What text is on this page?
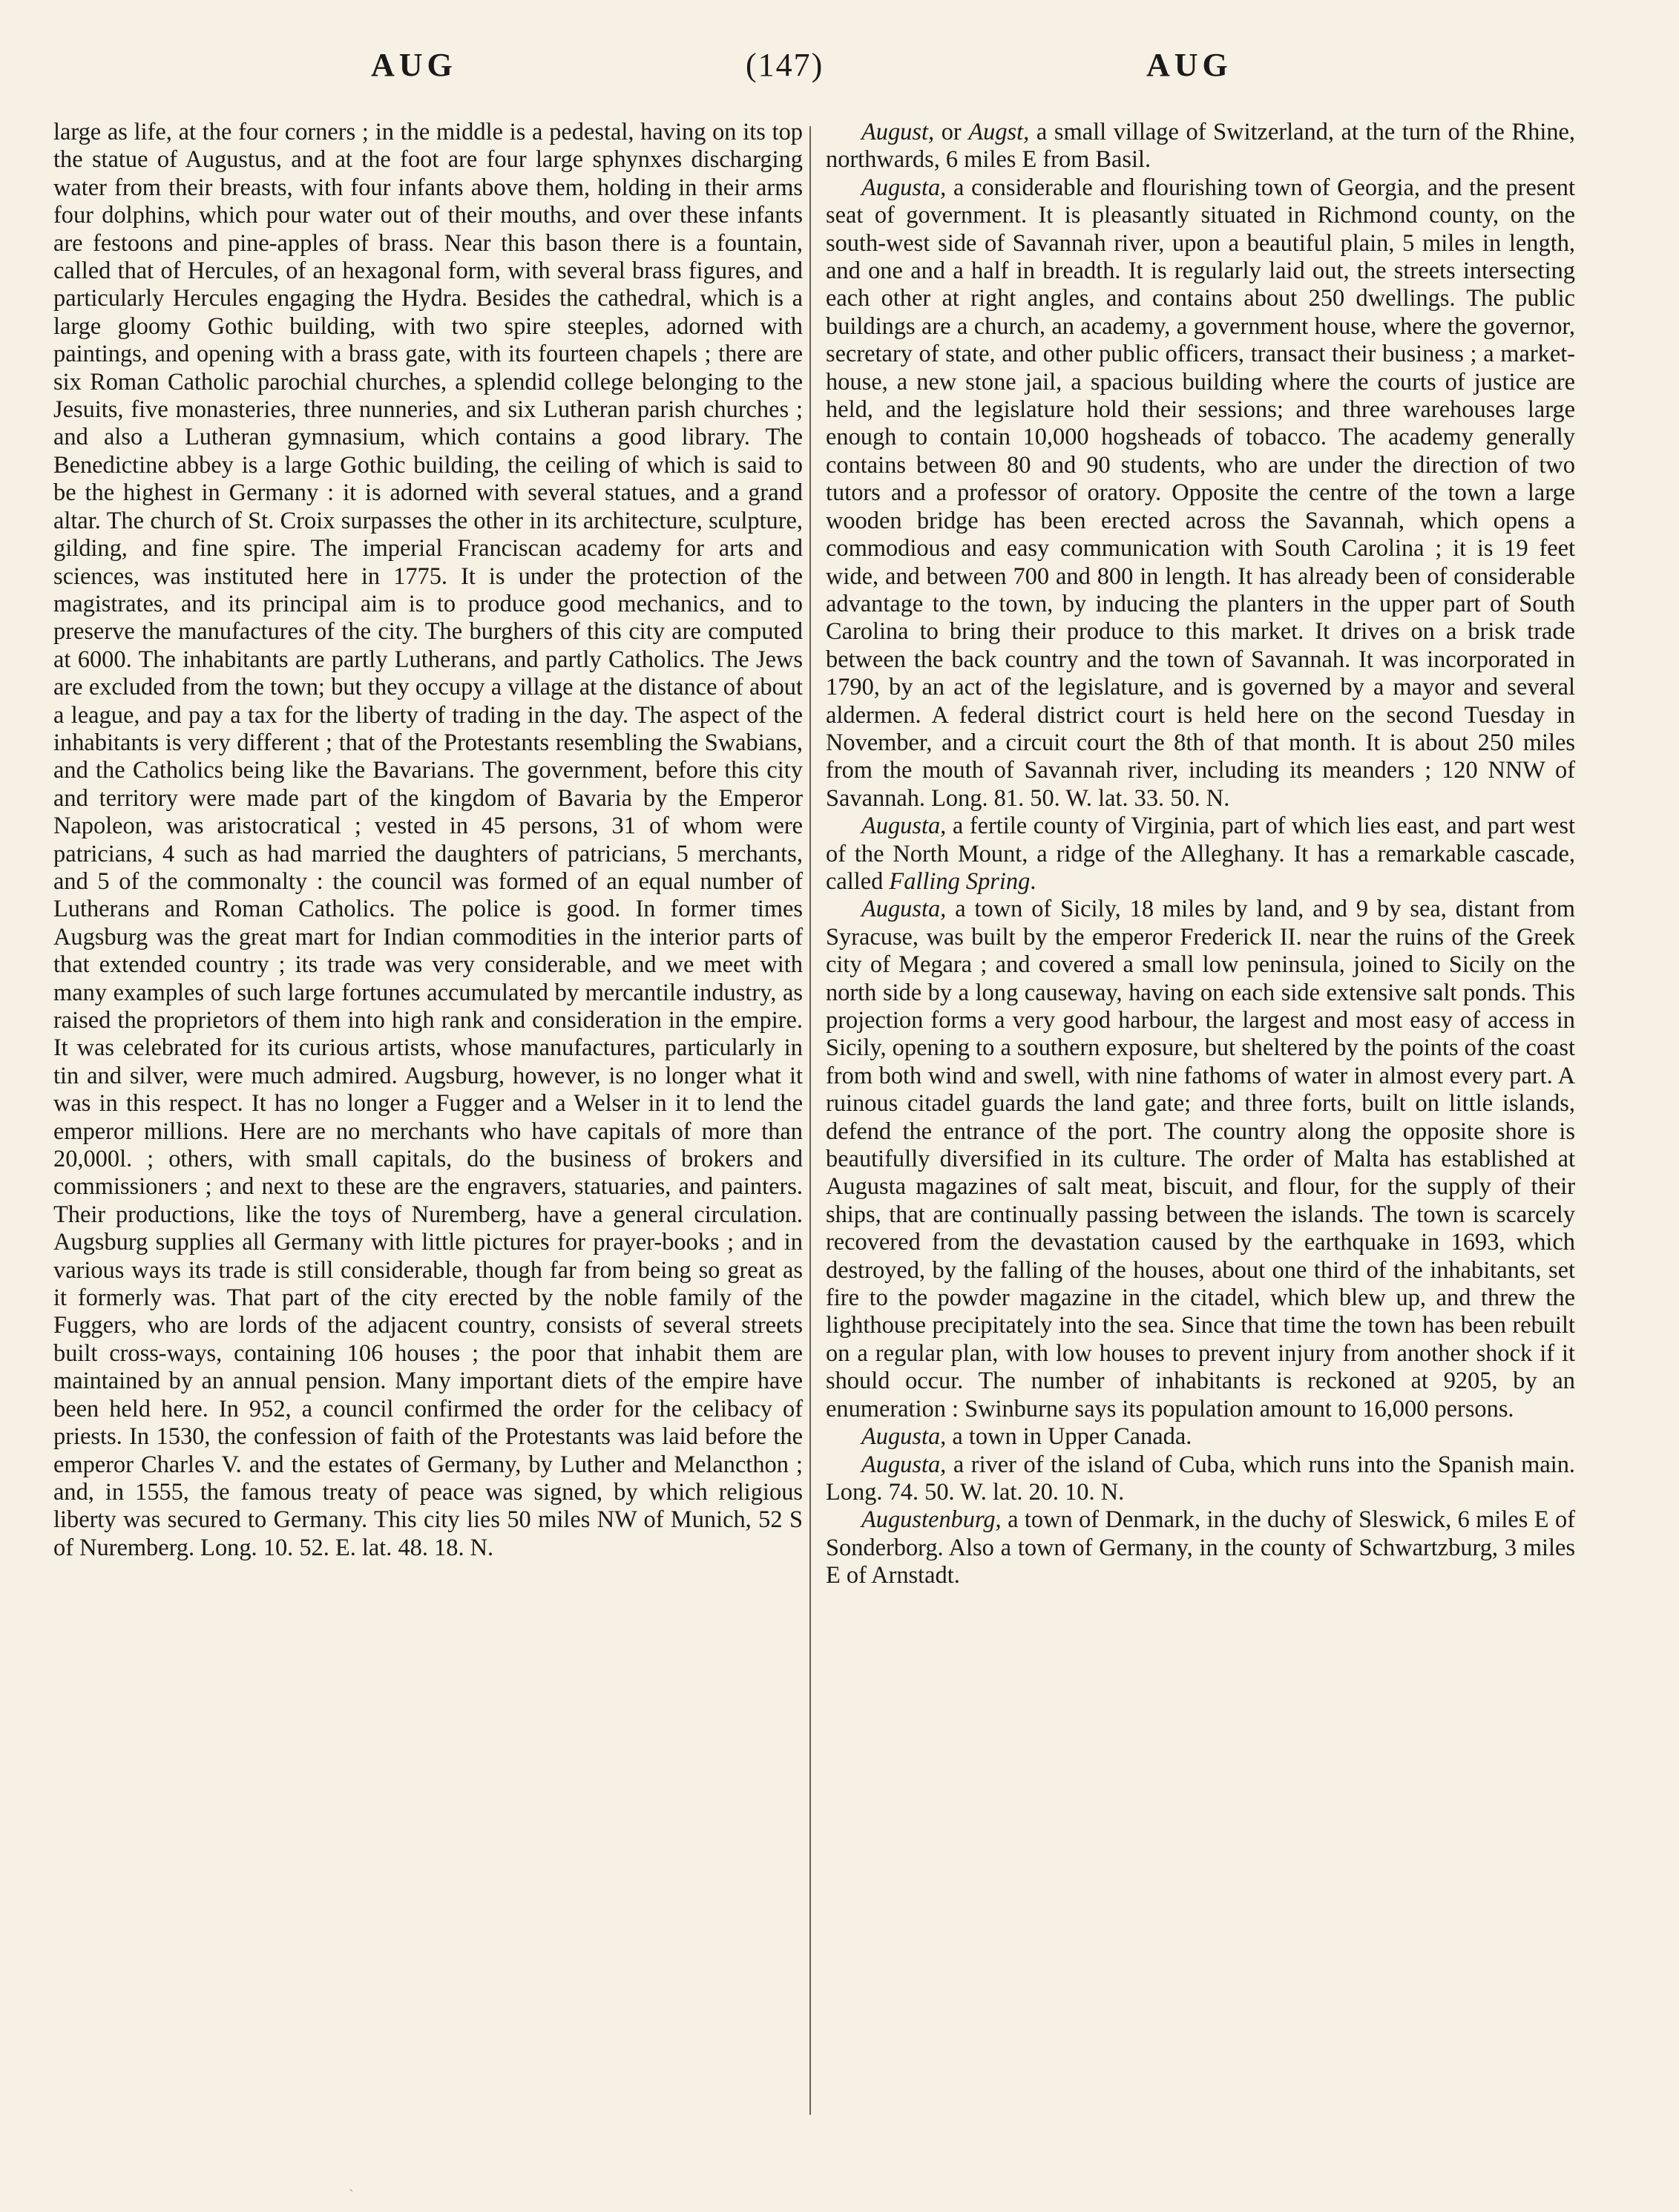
AUG	(147)	AUG

large as life, at the four corners ; in the middle is a pedestal, having on its top the statue of Augustus, and at the foot are four large sphynxes discharging water from their breasts, with four infants above them, holding in their arms four dolphins, which pour water out of their mouths, and over these infants are festoons and pine-apples of brass. Near this bason there is a fountain, called that of Hercules, of an hexagonal form, with several brass figures, and particularly Hercules engaging the Hydra. Besides the cathedral, which is a large gloomy Gothic building, with two spire steeples, adorned with paintings, and opening with a brass gate, with its fourteen chapels ; there are six Roman Catholic parochial churches, a splendid college belonging to the Jesuits, five monasteries, three nunneries, and six Lutheran parish churches ; and also a Lutheran gymnasium, which contains a good library. The Benedictine abbey is a large Gothic building, the ceiling of which is said to be the highest in Germany : it is adorned with several statues, and a grand altar. The church of St. Croix surpasses the other in its architecture, sculpture, gilding, and fine spire. The imperial Franciscan academy for arts and sciences, was instituted here in 1775. It is under the protection of the magistrates, and its principal aim is to produce good mechanics, and to preserve the manufactures of the city. The burghers of this city are computed at 6000. The inhabitants are partly Lutherans, and partly Catholics. The Jews are excluded from the town; but they occupy a village at the distance of about a league, and pay a tax for the liberty of trading in the day. The aspect of the inhabitants is very different ; that of the Protestants resembling the Swabians, and the Catholics being like the Bavarians. The government, before this city and territory were made part of the kingdom of Bavaria by the Emperor Napoleon, was aristocratical ; vested in 45 persons, 31 of whom were patricians, 4 such as had married the daughters of patricians, 5 merchants, and 5 of the commonalty : the council was formed of an equal number of Lutherans and Roman Catholics. The police is good. In former times Augsburg was the great mart for Indian commodities in the interior parts of that extended country ; its trade was very considerable, and we meet with many examples of such large fortunes accumulated by mercantile industry, as raised the proprietors of them into high rank and consideration in the empire. It was celebrated for its curious artists, whose manufactures, particularly in tin and silver, were much admired. Augsburg, however, is no longer what it was in this respect. It has no longer a Fugger and a Welser in it to lend the emperor millions. Here are no merchants who have capitals of more than 20,000l. ; others, with small capitals, do the business of brokers and commissioners ; and next to these are the engravers, statuaries, and painters. Their productions, like the toys of Nuremberg, have a general circulation. Augsburg supplies all Germany with little pictures for prayer-books ; and in various ways its trade is still considerable, though far from being so great as it formerly was. That part of the city erected by the noble family of the Fuggers, who are lords of the adjacent country, consists of several streets built cross-ways, containing 106 houses ; the poor that inhabit them are maintained by an annual pension. Many important diets of the empire have been held here. In 952, a council confirmed the order for the celibacy of priests. In 1530, the confession of faith of the Protestants was laid before the emperor Charles V. and the estates of Germany, by Luther and Melancthon ; and, in 1555, the famous treaty of peace was signed, by which religious liberty was secured to Germany. This city lies 50 miles NW of Munich, 52 S of Nuremberg. Long. 10. 52. E. lat. 48. 18. N.

August, or Augst, a small village of Switzerland, at the turn of the Rhine, northwards, 6 miles E from Basil.

Augusta, a considerable and flourishing town of Georgia, and the present seat of government. It is pleasantly situated in Richmond county, on the south-west side of Savannah river, upon a beautiful plain, 5 miles in length, and one and a half in breadth. It is regularly laid out, the streets intersecting each other at right angles, and contains about 250 dwellings. The public buildings are a church, an academy, a government house, where the governor, secretary of state, and other public officers, transact their business ; a market-house, a new stone jail, a spacious building where the courts of justice are held, and the legislature hold their sessions; and three warehouses large enough to contain 10,000 hogsheads of tobacco. The academy generally contains between 80 and 90 students, who are under the direction of two tutors and a professor of oratory. Opposite the centre of the town a large wooden bridge has been erected across the Savannah, which opens a commodious and easy communication with South Carolina ; it is 19 feet wide, and between 700 and 800 in length. It has already been of considerable advantage to the town, by inducing the planters in the upper part of South Carolina to bring their produce to this market. It drives on a brisk trade between the back country and the town of Savannah. It was incorporated in 1790, by an act of the legislature, and is governed by a mayor and several aldermen. A federal district court is held here on the second Tuesday in November, and a circuit court the 8th of that month. It is about 250 miles from the mouth of Savannah river, including its meanders ; 120 NNW of Savannah. Long. 81. 50. W. lat. 33. 50. N.

Augusta, a fertile county of Virginia, part of which lies east, and part west of the North Mount, a ridge of the Alleghany. It has a remarkable cascade, called Falling Spring.

Augusta, a town of Sicily, 18 miles by land, and 9 by sea, distant from Syracuse, was built by the emperor Frederick II. near the ruins of the Greek city of Megara ; and covered a small low peninsula, joined to Sicily on the north side by a long causeway, having on each side extensive salt ponds. This projection forms a very good harbour, the largest and most easy of access in Sicily, opening to a southern exposure, but sheltered by the points of the coast from both wind and swell, with nine fathoms of water in almost every part. A ruinous citadel guards the land gate; and three forts, built on little islands, defend the entrance of the port. The country along the opposite shore is beautifully diversified in its culture. The order of Malta has established at Augusta magazines of salt meat, biscuit, and flour, for the supply of their ships, that are continually passing between the islands. The town is scarcely recovered from the devastation caused by the earthquake in 1693, which destroyed, by the falling of the houses, about one third of the inhabitants, set fire to the powder magazine in the citadel, which blew up, and threw the lighthouse precipitately into the sea. Since that time the town has been rebuilt on a regular plan, with low houses to prevent injury from another shock if it should occur. The number of inhabitants is reckoned at 9205, by an enumeration : Swinburne says its population amount to 16,000 persons.

Augusta, a town in Upper Canada.

Augusta, a river of the island of Cuba, which runs into the Spanish main. Long. 74. 50. W. lat. 20. 10. N.

Augustenburg, a town of Denmark, in the duchy of Sleswick, 6 miles E of Sonderborg. Also a town of Germany, in the county of Schwartzburg, 3 miles E of Arnstadt.

ˎ
